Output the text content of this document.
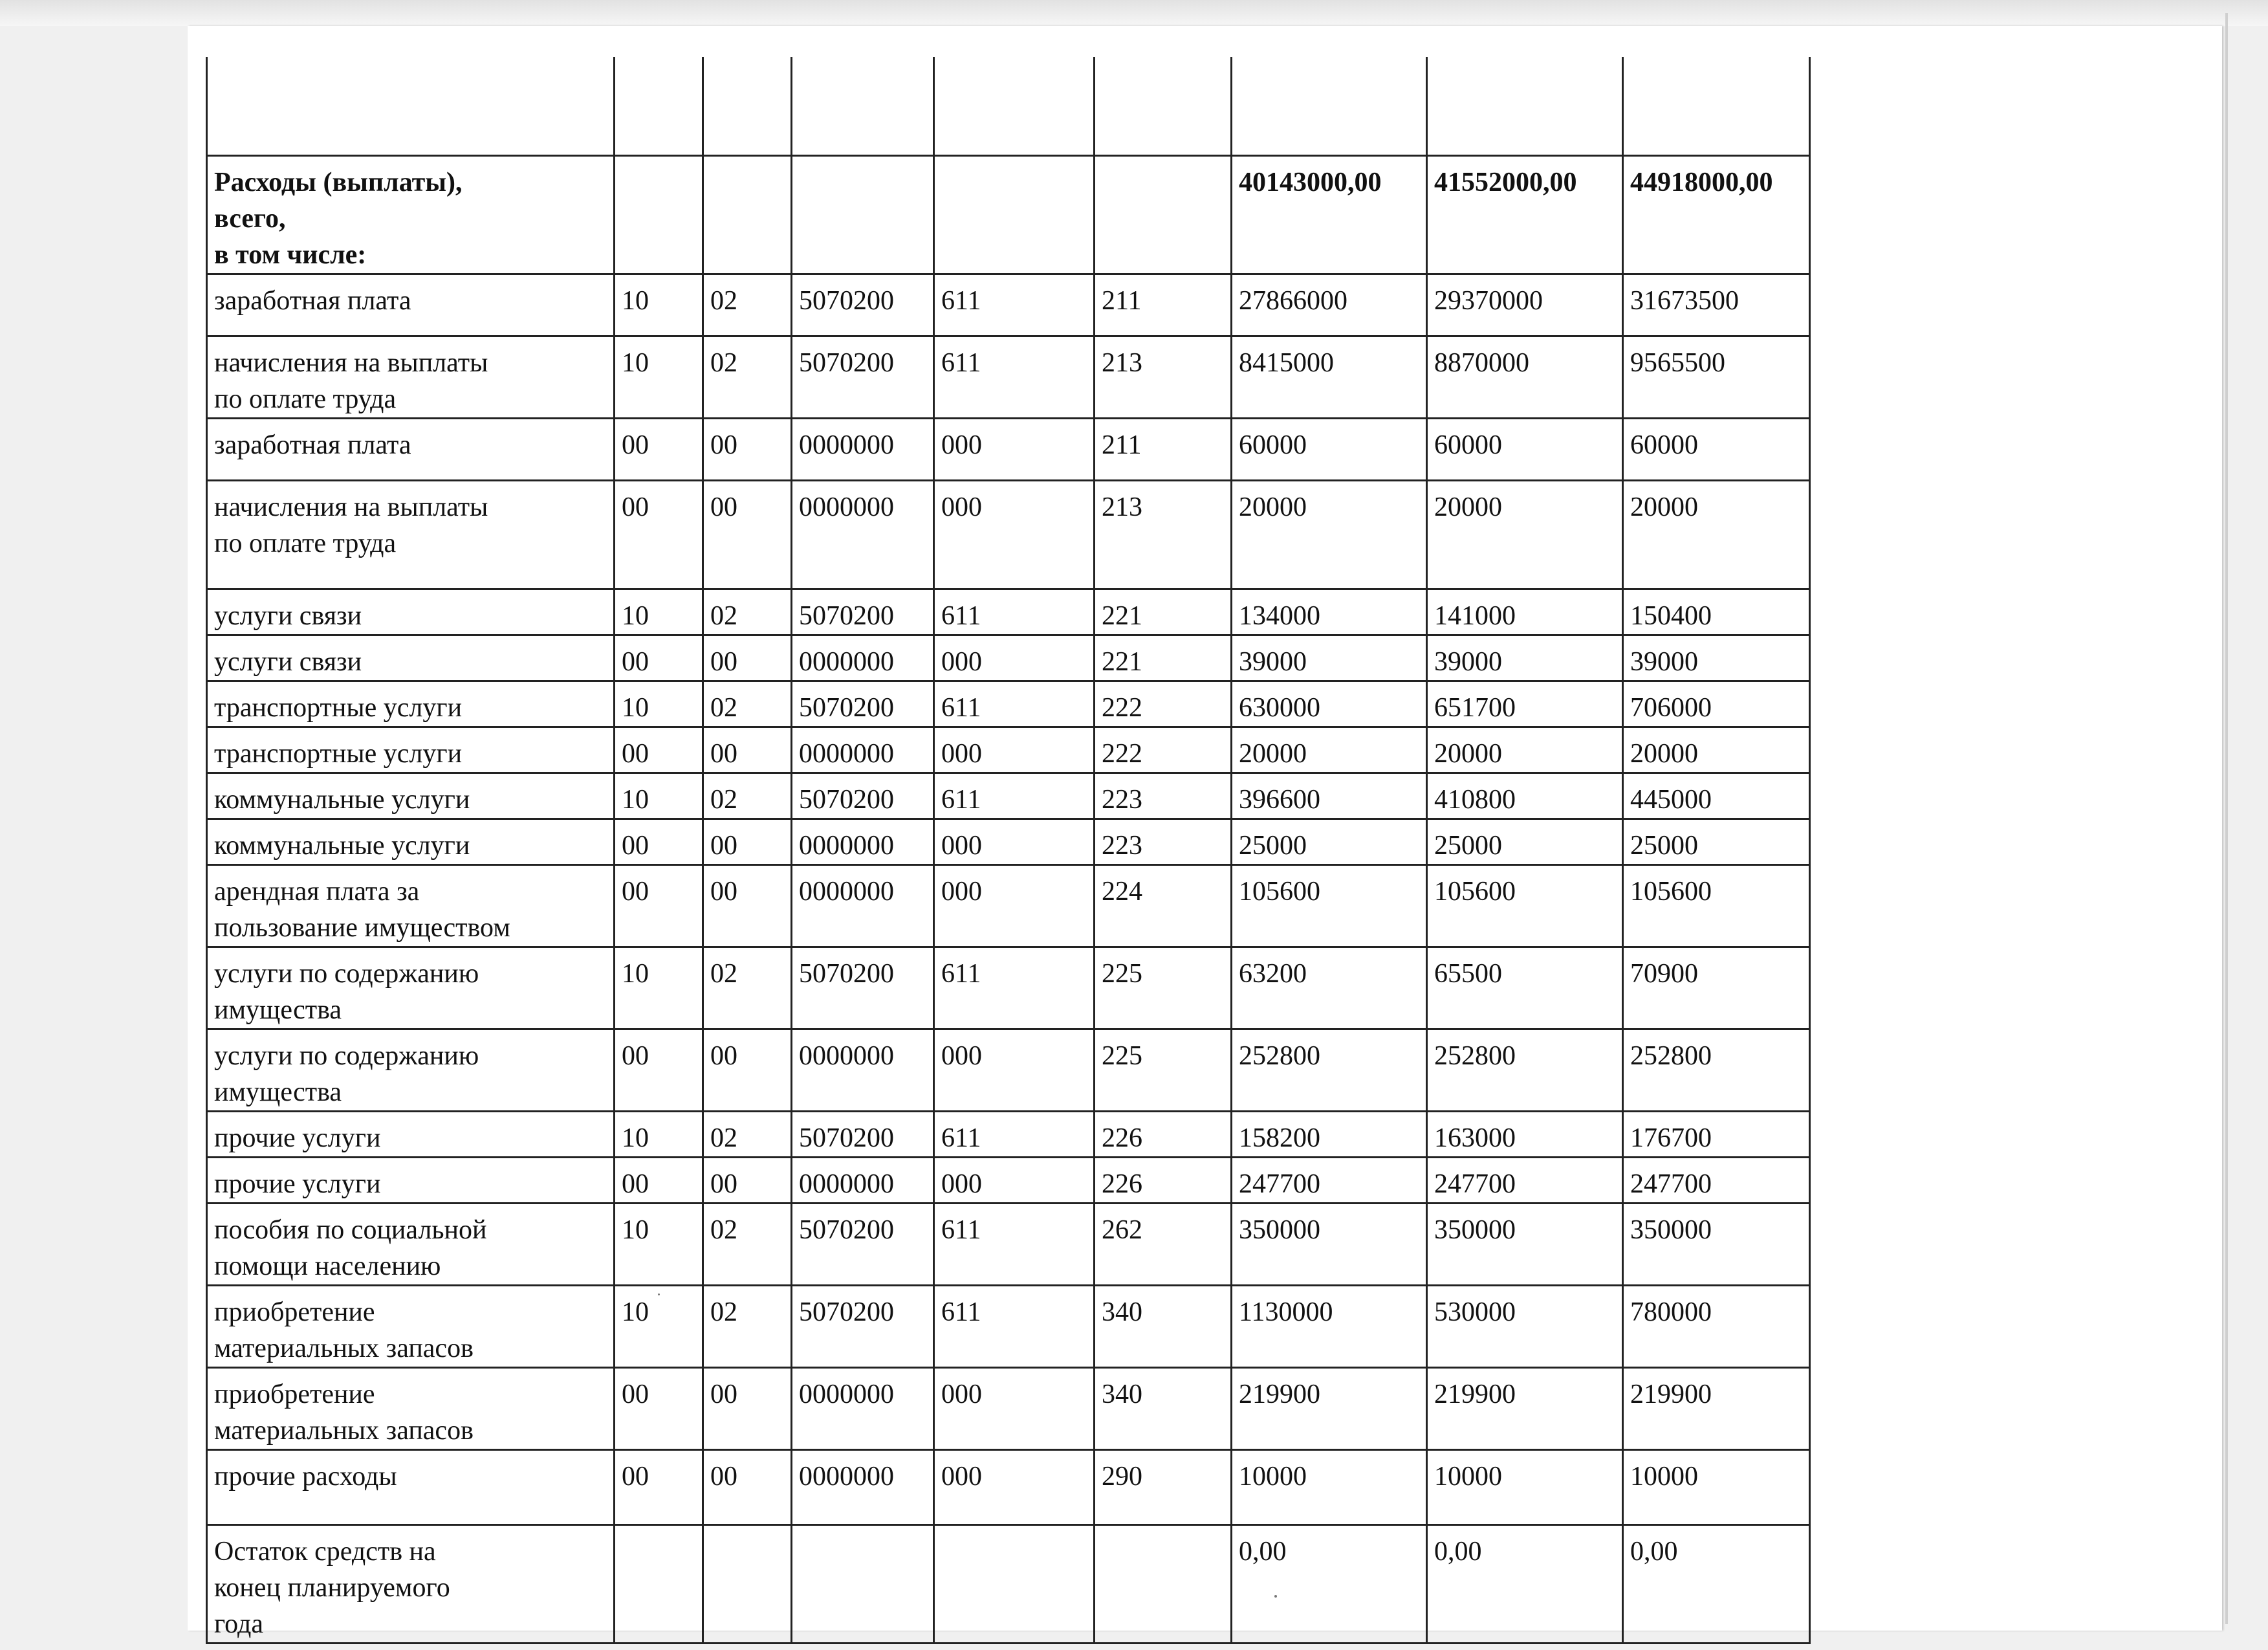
Расходы (выплаты),
всего,
в том числе:						40143000,00	41552000,00	44918000,00
заработная плата	10	02	5070200	611	211	27866000	29370000	31673500
начисления на выплаты
по оплате труда	10	02	5070200	611	213	8415000	8870000	9565500
заработная плата	00	00	0000000	000	211	60000	60000	60000
начисления на выплаты
по оплате труда	00	00	0000000	000	213	20000	20000	20000
услуги связи	10	02	5070200	611	221	134000	141000	150400
услуги связи	00	00	0000000	000	221	39000	39000	39000
транспортные услуги	10	02	5070200	611	222	630000	651700	706000
транспортные услуги	00	00	0000000	000	222	20000	20000	20000
коммунальные услуги	10	02	5070200	611	223	396600	410800	445000
коммунальные услуги	00	00	0000000	000	223	25000	25000	25000
арендная плата за
пользование имуществом	00	00	0000000	000	224	105600	105600	105600
услуги по содержанию
имущества	10	02	5070200	611	225	63200	65500	70900
услуги по содержанию
имущества	00	00	0000000	000	225	252800	252800	252800
прочие услуги	10	02	5070200	611	226	158200	163000	176700
прочие услуги	00	00	0000000	000	226	247700	247700	247700
пособия по социальной
помощи населению	10	02	5070200	611	262	350000	350000	350000
приобретение
материальных запасов	10	02	5070200	611	340	1130000	530000	780000
приобретение
материальных запасов	00	00	0000000	000	340	219900	219900	219900
прочие расходы	00	00	0000000	000	290	10000	10000	10000
Остаток средств на
конец планируемого
года						0,00	0,00	0,00
